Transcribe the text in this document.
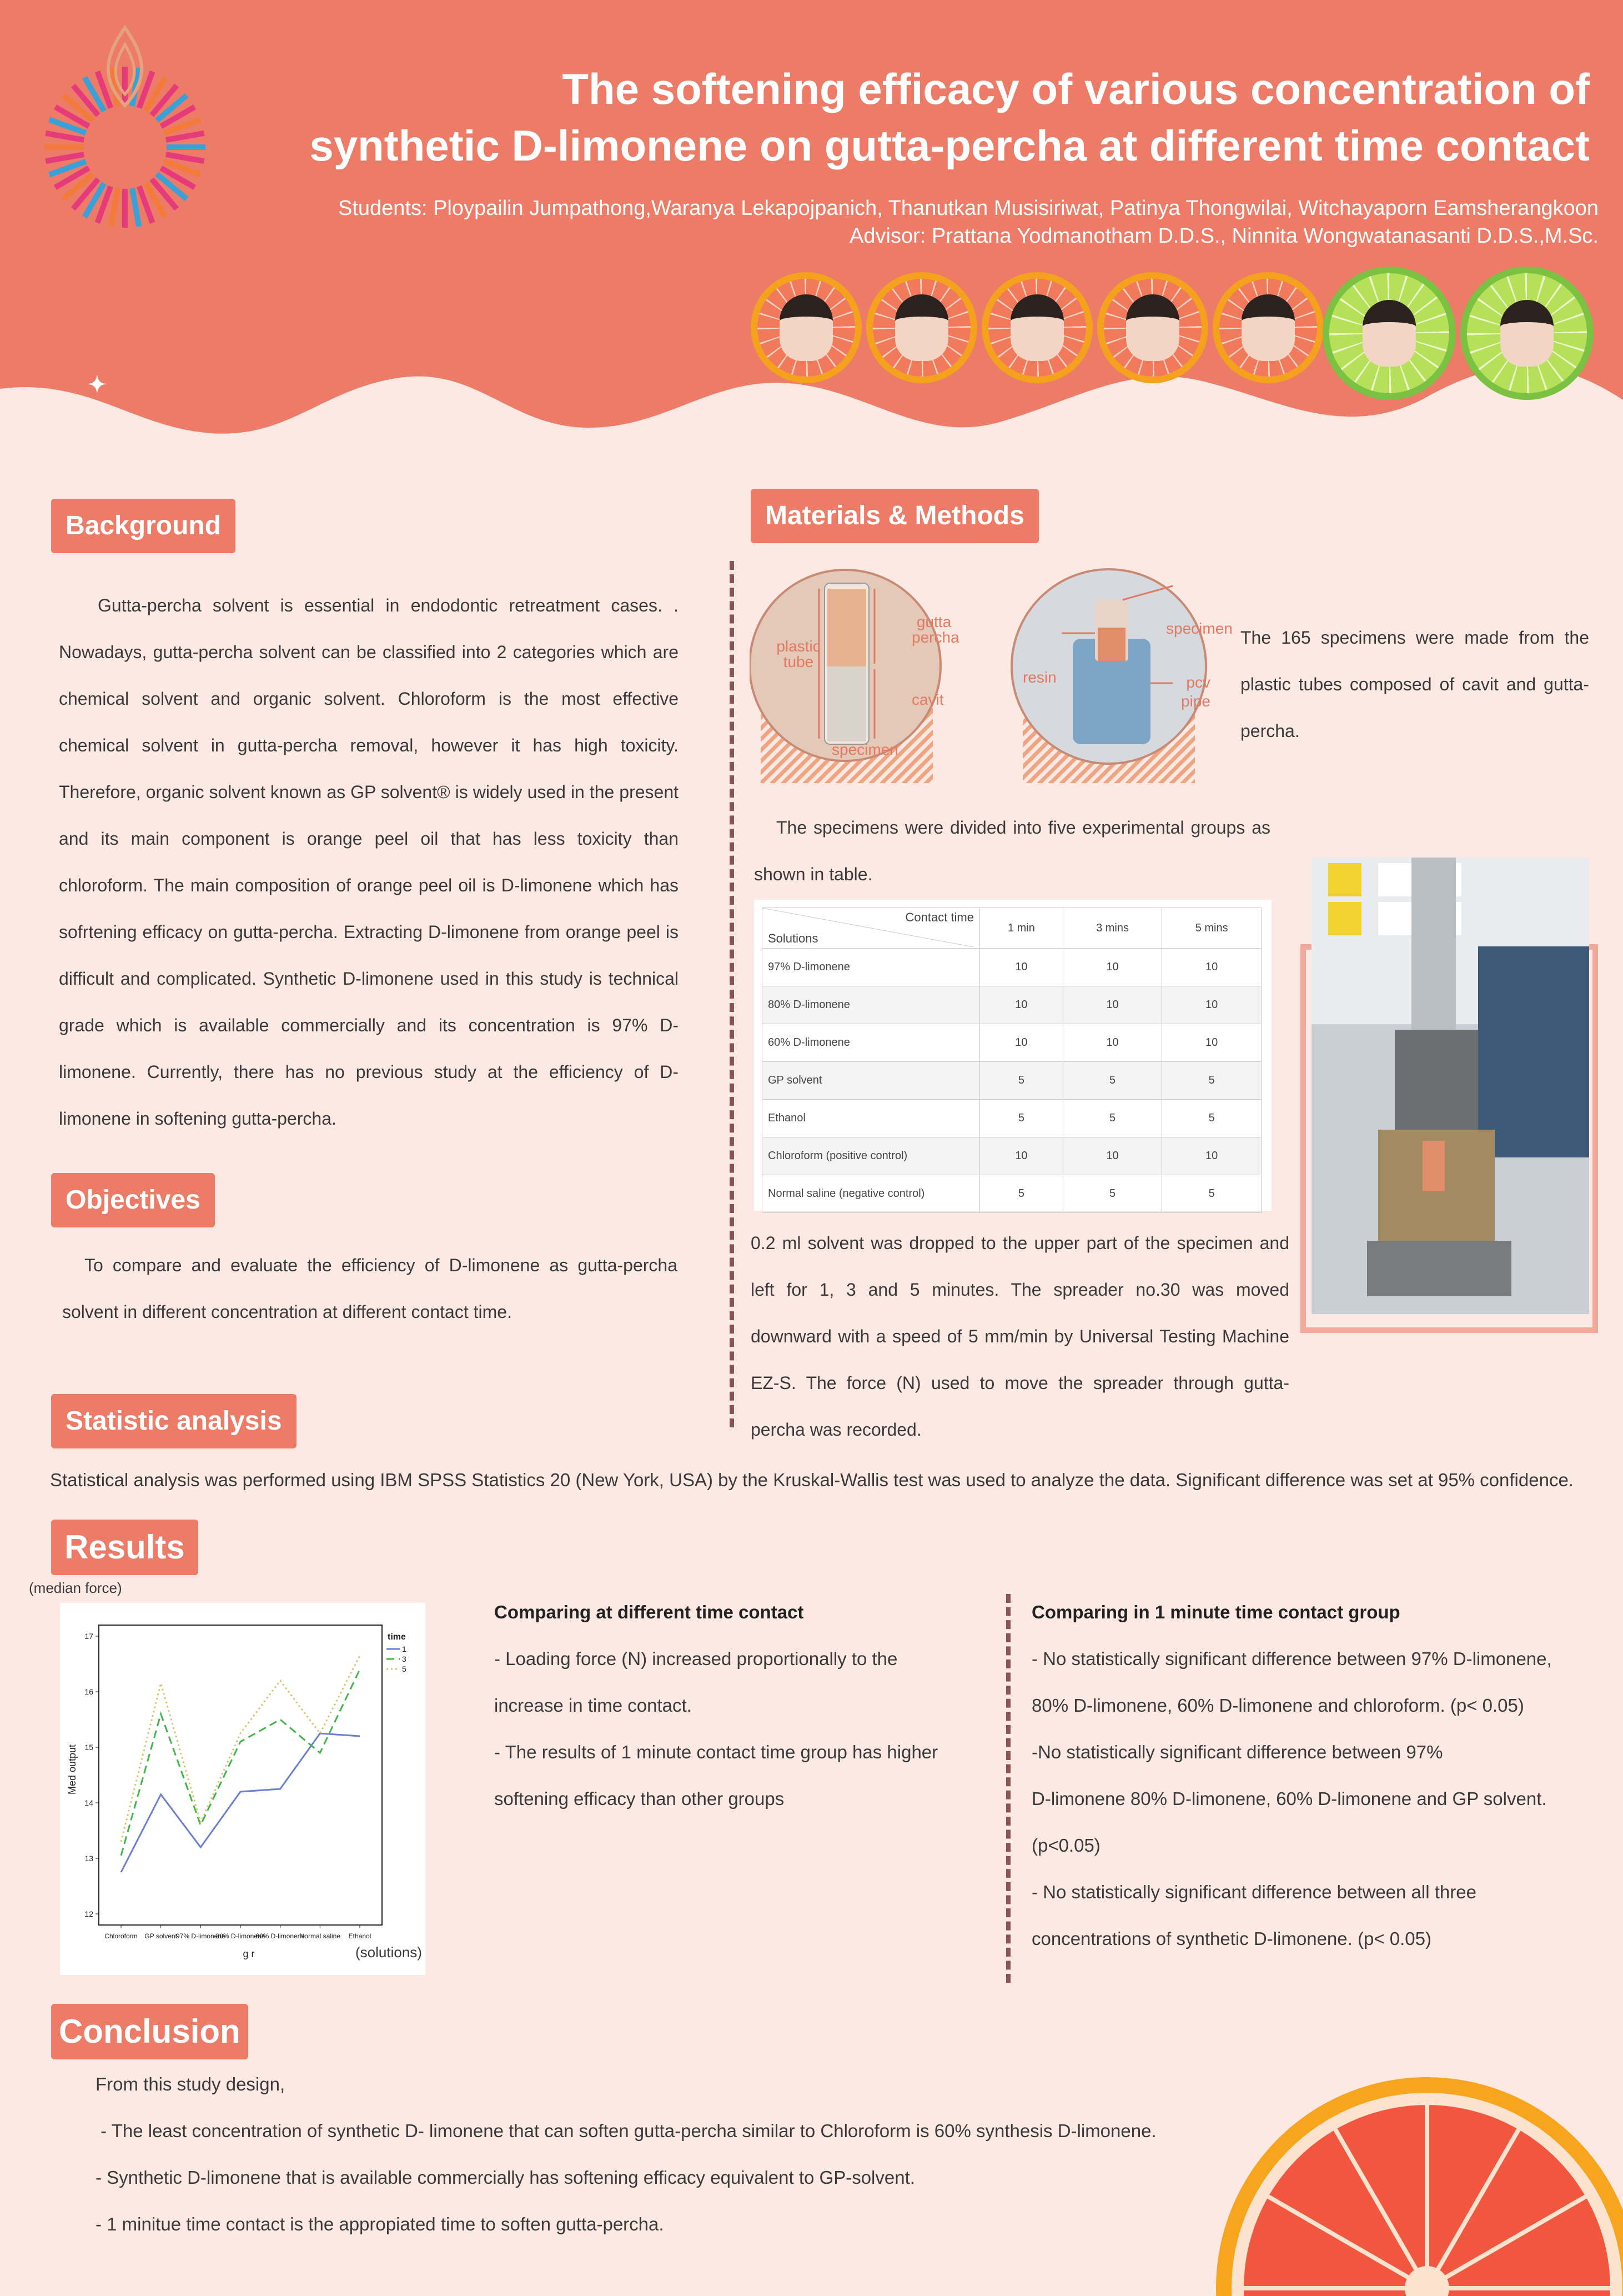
The softening efficacy of various concentration of
synthetic D-limonene on gutta-percha at different time contact
Students: Ploypailin Jumpathong,Waranya Lekapojpanich, Thanutkan Musisiriwat, Patinya Thongwilai, Witchayaporn Eamsherangkoon
Advisor: Prattana Yodmanotham D.D.S., Ninnita Wongwatanasanti D.D.S.,M.Sc.
✦
Background
Gutta-percha solvent is essential in endodontic retreatment cases. . Nowadays, gutta-percha solvent can be classified into 2 categories which are chemical solvent and organic solvent. Chloroform is the most effective chemical solvent in gutta-percha removal, however it has high toxicity. Therefore, organic solvent known as GP solvent® is widely used in the present and its main component is orange peel oil that has less toxicity than chloroform. The main composition of orange peel oil is D-limonene which has sofrtening efficacy on gutta-percha. Extracting D-limonene from orange peel is difficult and complicated. Synthetic D-limonene used in this study is technical grade which is available commercially and its concentration is 97% D-limonene. Currently, there has no previous study at the efficiency of D-limonene in softening gutta-percha.
Objectives
To compare and evaluate the efficiency of D-limonene as gutta-percha solvent in different concentration at different contact time.
Materials & Methods
gutta percha
plastic tube
cavit
specimen
specimen
resin	pcv pipe
The 165 specimens were made from the plastic tubes composed of cavit and gutta-percha.
The specimens were divided into five experimental groups as shown in table.
Contact time
Solutions	1 min	3 mins	5 mins
97% D-limonene	10	10	10
80% D-limonene	10	10	10
60% D-limonene	10	10	10
GP solvent	5	5	5
Ethanol	5	5	5
Chloroform (positive control)	10	10	10
Normal saline (negative control)	5	5	5
0.2 ml solvent was dropped to the upper part of the specimen and left for 1, 3 and 5 minutes. The spreader no.30 was moved downward with a speed of 5 mm/min by Universal Testing Machine EZ-S. The force (N) used to move the spreader through gutta-percha was recorded.
Statistic analysis
Statistical analysis was performed using IBM SPSS Statistics 20 (New York, USA) by the Kruskal-Wallis test was used to analyze the data. Significant difference was set at 95% confidence.
Results
(median force)
12
13
14
15
16
17
Chloroform GP solvent
97% D-limonene
80% D-limonene
60% D-limonene
Normal saline Ethanol
Med output
g r
time
1
3
5
(solutions)
Comparing at different time contact
- Loading force (N) increased proportionally to the
increase in time contact.
- The results of 1 minute contact time group has higher
softening efficacy than other groups
Comparing in 1 minute time contact group
- No statistically significant difference between 97% D-limonene,
80% D-limonene, 60% D-limonene and chloroform. (p< 0.05)
-No statistically significant difference between 97%
D-limonene 80% D-limonene, 60% D-limonene and GP solvent.
(p<0.05)
- No statistically significant difference between all three
concentrations of synthetic D-limonene. (p< 0.05)
Conclusion
From this study design,
- The least concentration of synthetic D- limonene that can soften gutta-percha similar to Chloroform is 60% synthesis D-limonene.
- Synthetic D-limonene that is available commercially has softening efficacy equivalent to GP-solvent.
- 1 minitue time contact is the appropiated time to soften gutta-percha.
